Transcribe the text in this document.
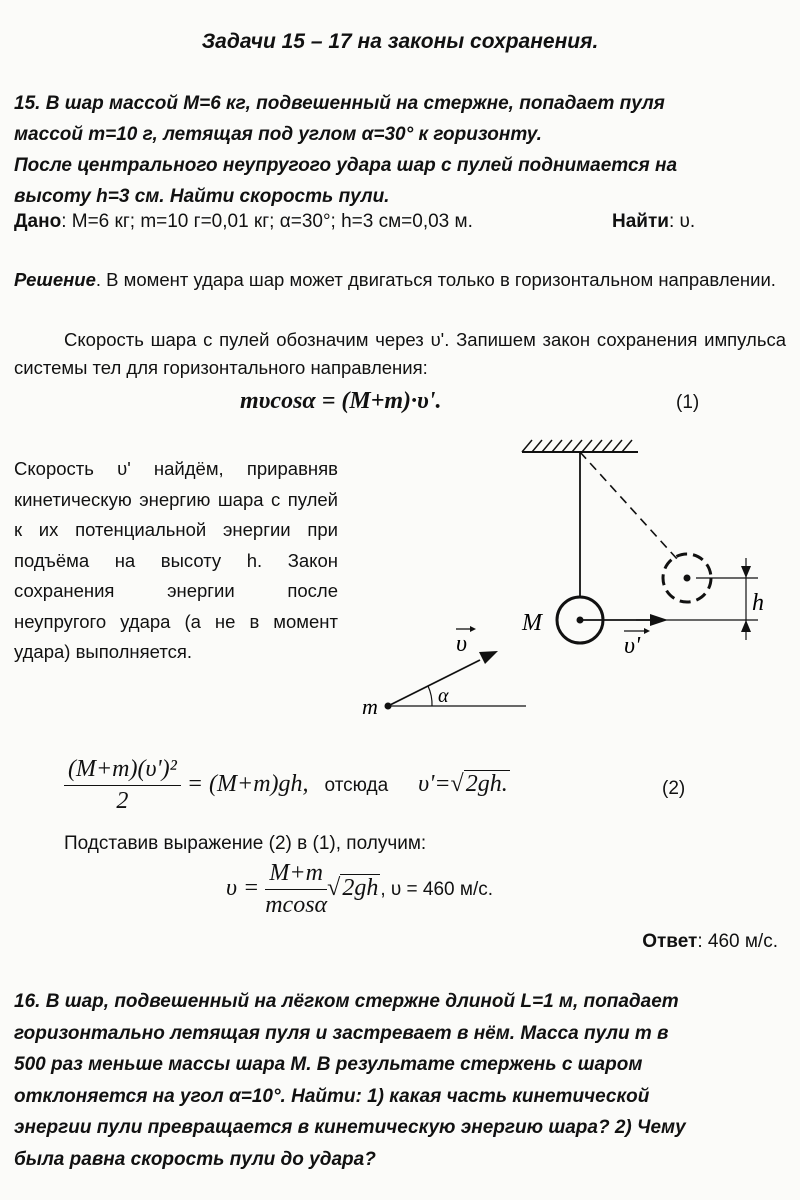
Задачи 15 – 17 на законы сохранения.
15. В шар массой М=6 кг, подвешенный на стержне, попадает пуля
массой m=10 г, летящая под углом α=30° к горизонту.
После центрального неупругого удара шар с пулей поднимается на
высоту h=3 см. Найти скорость пули.
Дано: М=6 кг; m=10 г=0,01 кг; α=30°; h=3 см=0,03 м.	Найти: υ.
Решение. В момент удара шар может двигаться только в горизонтальном направлении.
Скорость шара с пулей обозначим через υ'. Запишем закон сохранения импульса системы тел для горизонтального направления:
mυcosα = (M+m)·υ'.	(1)
Скорость υ' найдём, приравняв кинетическую энергию шара с пулей к их потенциальной энергии при подъёма на высоту h. Закон сохранения энергии после неупругого удара (а не в момент удара) выполняется.
M
m
h
α
υ	υ'
$\frac{\text{(M+m)(υ')²}}{2} = (M+m)gh$, отсюда υ'=√2gh.	(2)
Подставив выражение (2) в (1), получим:
$\upsilon = \frac{M+m}{mcos\alpha} √2gh$ , υ = 460 м/с.
Ответ: 460 м/с.
16. В шар, подвешенный на лёгком стержне длиной L=1 м, попадает
горизонтально летящая пуля и застревает в нём. Масса пули m в
500 раз меньше массы шара М. В результате стержень с шаром
отклоняется на угол α=10°. Найти: 1) какая часть кинетической
энергии пули превращается в кинетическую энергию шара? 2) Чему
была равна скорость пули до удара?
